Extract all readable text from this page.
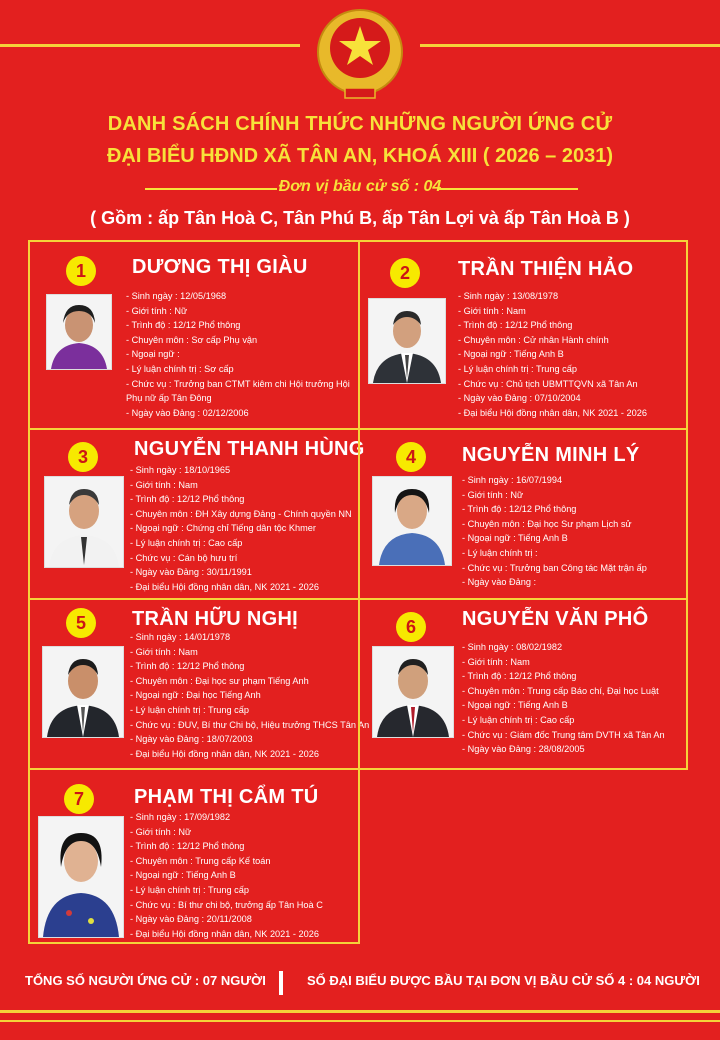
DANH SÁCH CHÍNH THỨC NHỮNG NGƯỜI ỨNG CỬ
ĐẠI BIỂU HĐND XÃ TÂN AN, KHOÁ XIII ( 2026 – 2031)
Đơn vị bầu cử số : 04
( Gồm : ấp Tân Hoà C, Tân Phú B, ấp Tân Lợi và ấp Tân Hoà B )
1	DƯƠNG THỊ GIÀU
- Sinh ngày : 12/05/1968
- Giới tính : Nữ
- Trình độ : 12/12 Phổ thông
- Chuyên môn : Sơ cấp Phụ vận
- Ngoại ngữ :
- Lý luận chính trị : Sơ cấp
- Chức vụ : Trưởng ban CTMT kiêm chi Hội trưởng Hội
Phụ nữ ấp Tân Đông
- Ngày vào Đảng : 02/12/2006
2	TRẦN THIỆN HẢO
- Sinh ngày : 13/08/1978
- Giới tính : Nam
- Trình độ : 12/12 Phổ thông
- Chuyên môn : Cử nhân Hành chính
- Ngoại ngữ : Tiếng Anh B
- Lý luận chính trị : Trung cấp
- Chức vụ : Chủ tịch UBMTTQVN xã Tân An
- Ngày vào Đảng : 07/10/2004
- Đại biểu Hội đồng nhân dân, NK 2021 - 2026
3	NGUYỄN THANH HÙNG
- Sinh ngày : 18/10/1965
- Giới tính : Nam
- Trình độ : 12/12 Phổ thông
- Chuyên môn : ĐH Xây dựng Đảng - Chính quyền NN
- Ngoại ngữ : Chứng chỉ Tiếng dân tộc Khmer
- Lý luận chính trị : Cao cấp
- Chức vụ : Cán bộ hưu trí
- Ngày vào Đảng : 30/11/1991
- Đại biểu Hội đồng nhân dân, NK 2021 - 2026
4	NGUYỄN MINH LÝ
- Sinh ngày : 16/07/1994
- Giới tính : Nữ
- Trình độ : 12/12 Phổ thông
- Chuyên môn : Đại học Sư phạm Lịch sử
- Ngoại ngữ : Tiếng Anh B
- Lý luận chính trị :
- Chức vụ : Trưởng ban Công tác Mặt trận ấp
- Ngày vào Đảng :
5	TRẦN HỮU NGHỊ
- Sinh ngày : 14/01/1978
- Giới tính : Nam
- Trình độ : 12/12 Phổ thông
- Chuyên môn : Đại học sư phạm Tiếng Anh
- Ngoại ngữ : Đại học Tiếng Anh
- Lý luận chính trị : Trung cấp
- Chức vụ : ĐUV, Bí thư Chi bộ, Hiệu trưởng THCS Tân An
- Ngày vào Đảng : 18/07/2003
- Đại biểu Hội đồng nhân dân, NK 2021 - 2026
6	NGUYỄN VĂN PHÔ
- Sinh ngày : 08/02/1982
- Giới tính : Nam
- Trình độ : 12/12 Phổ thông
- Chuyên môn : Trung cấp Báo chí, Đại học Luật
- Ngoại ngữ : Tiếng Anh B
- Lý luận chính trị : Cao cấp
- Chức vụ : Giám đốc Trung tâm DVTH xã Tân An
- Ngày vào Đảng : 28/08/2005
7	PHẠM THỊ CẨM TÚ
- Sinh ngày : 17/09/1982
- Giới tính : Nữ
- Trình độ : 12/12 Phổ thông
- Chuyên môn : Trung cấp Kế toán
- Ngoại ngữ : Tiếng Anh B
- Lý luận chính trị : Trung cấp
- Chức vụ : Bí thư chi bộ, trưởng ấp Tân Hoà C
- Ngày vào Đảng : 20/11/2008
- Đại biểu Hội đồng nhân dân, NK 2021 - 2026
TỔNG SỐ NGƯỜI ỨNG CỬ : 07 NGƯỜI	SỐ ĐẠI BIỂU ĐƯỢC BẦU TẠI ĐƠN VỊ BẦU CỬ SỐ 4 : 04 NGƯỜI
